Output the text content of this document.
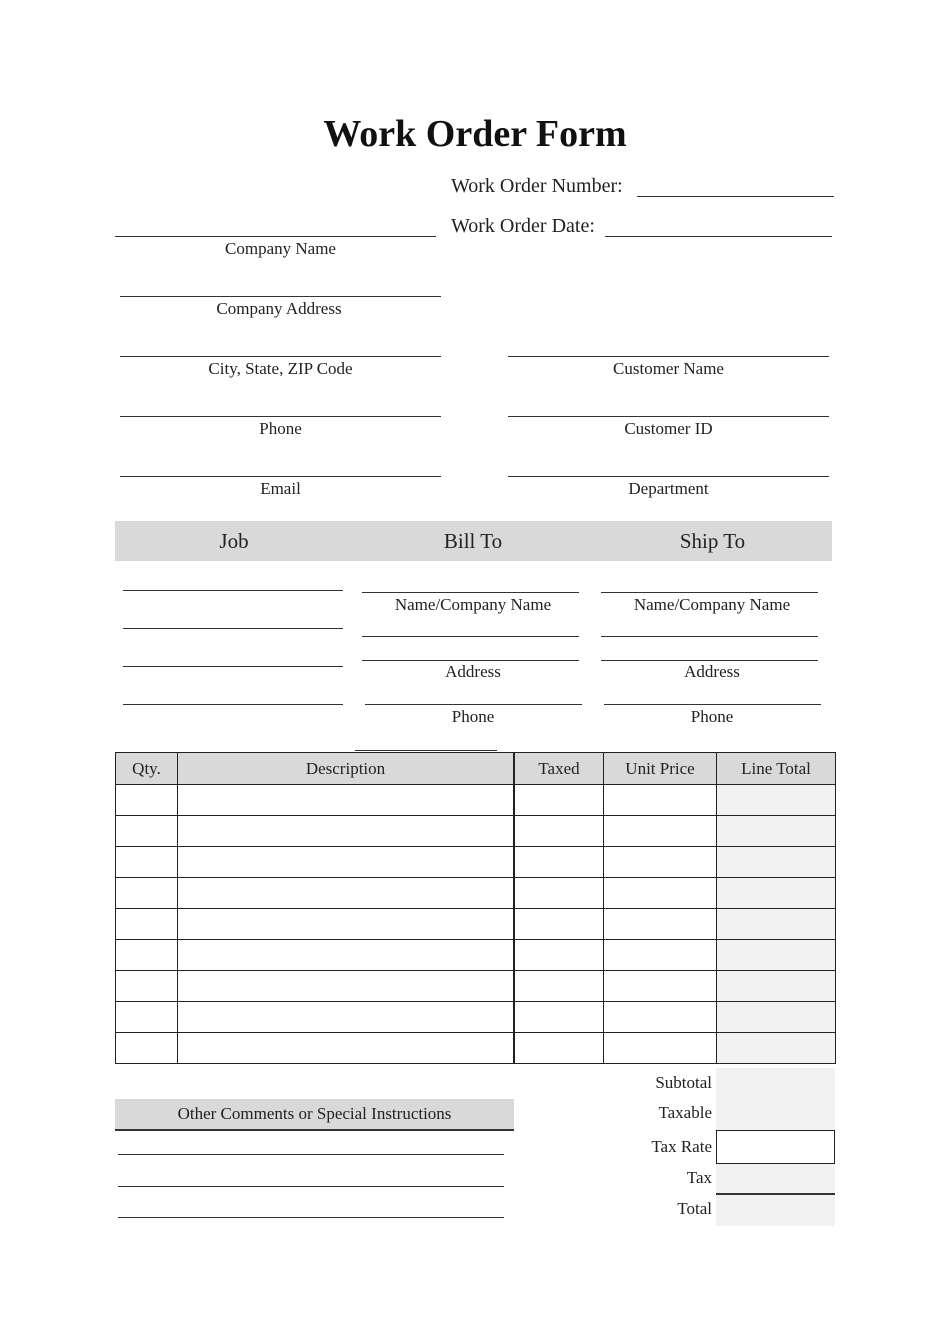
Work Order Form
Work Order Number:
Work Order Date:
Company Name
Company Address
City, State, ZIP Code
Phone
Email
Customer Name
Customer ID
Department
Job	Bill To	Ship To
Name/Company Name
Address
Phone
Name/Company Name
Address
Phone
Qty.	Description		Taxed	Unit Price	Line Total

Other Comments or Special Instructions
Subtotal
Taxable
Tax Rate
Tax
Total
